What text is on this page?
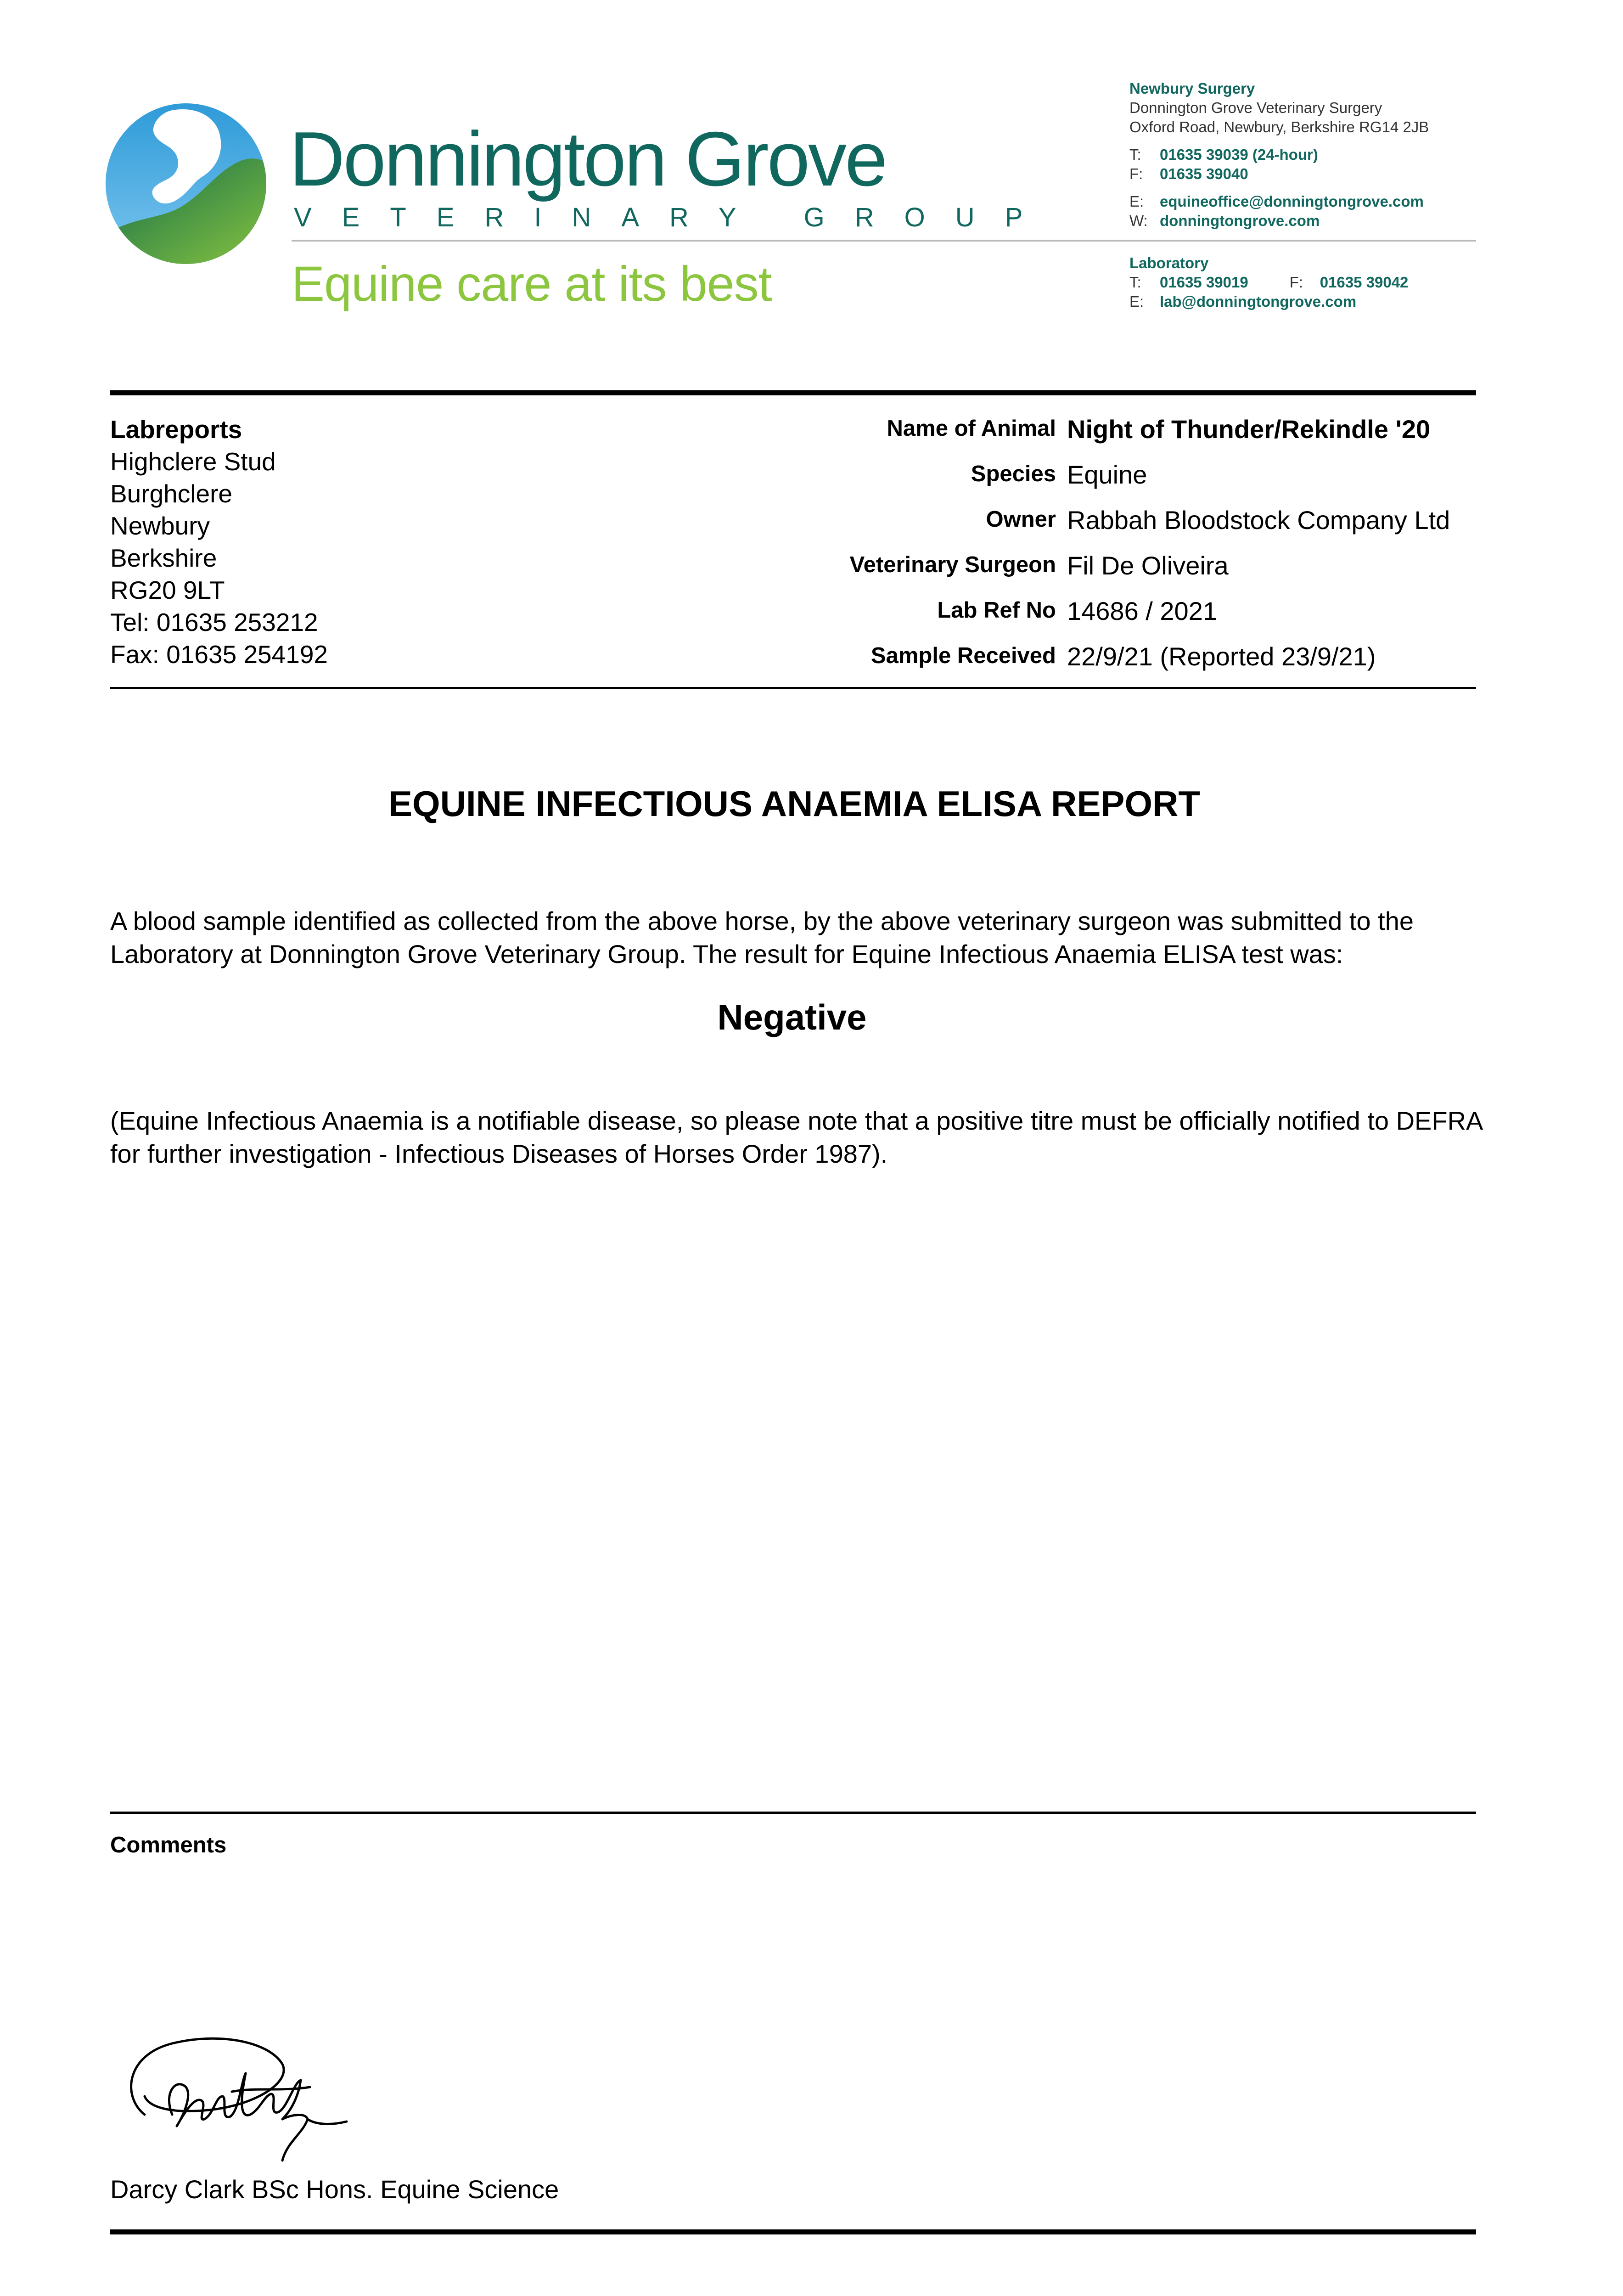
Donnington Grove
VETERINARY GROUP
Equine care at its best
Newbury Surgery
Donnington Grove Veterinary Surgery
Oxford Road, Newbury, Berkshire RG14 2JB
T: 01635 39039 (24-hour)
F: 01635 39040
E: equineoffice@donningtongrove.com
W: donningtongrove.com
Laboratory
T: 01635 39019	F: 01635 39042
E: lab@donningtongrove.com
Labreports
Highclere Stud
Burghclere
Newbury
Berkshire
RG20 9LT
Tel: 01635 253212
Fax: 01635 254192
Name of Animal Night of Thunder/Rekindle '20
Species Equine
Owner Rabbah Bloodstock Company Ltd
Veterinary Surgeon Fil De Oliveira
Lab Ref No 14686 / 2021
Sample Received 22/9/21 (Reported 23/9/21)
EQUINE INFECTIOUS ANAEMIA ELISA REPORT
A blood sample identified as collected from the above horse, by the above veterinary surgeon was submitted to the Laboratory at Donnington Grove Veterinary Group. The result for Equine Infectious Anaemia ELISA test was:
Negative
(Equine Infectious Anaemia is a notifiable disease, so please note that a positive titre must be officially notified to DEFRA for further investigation - Infectious Diseases of Horses Order 1987).
Comments
Darcy Clark BSc Hons. Equine Science
